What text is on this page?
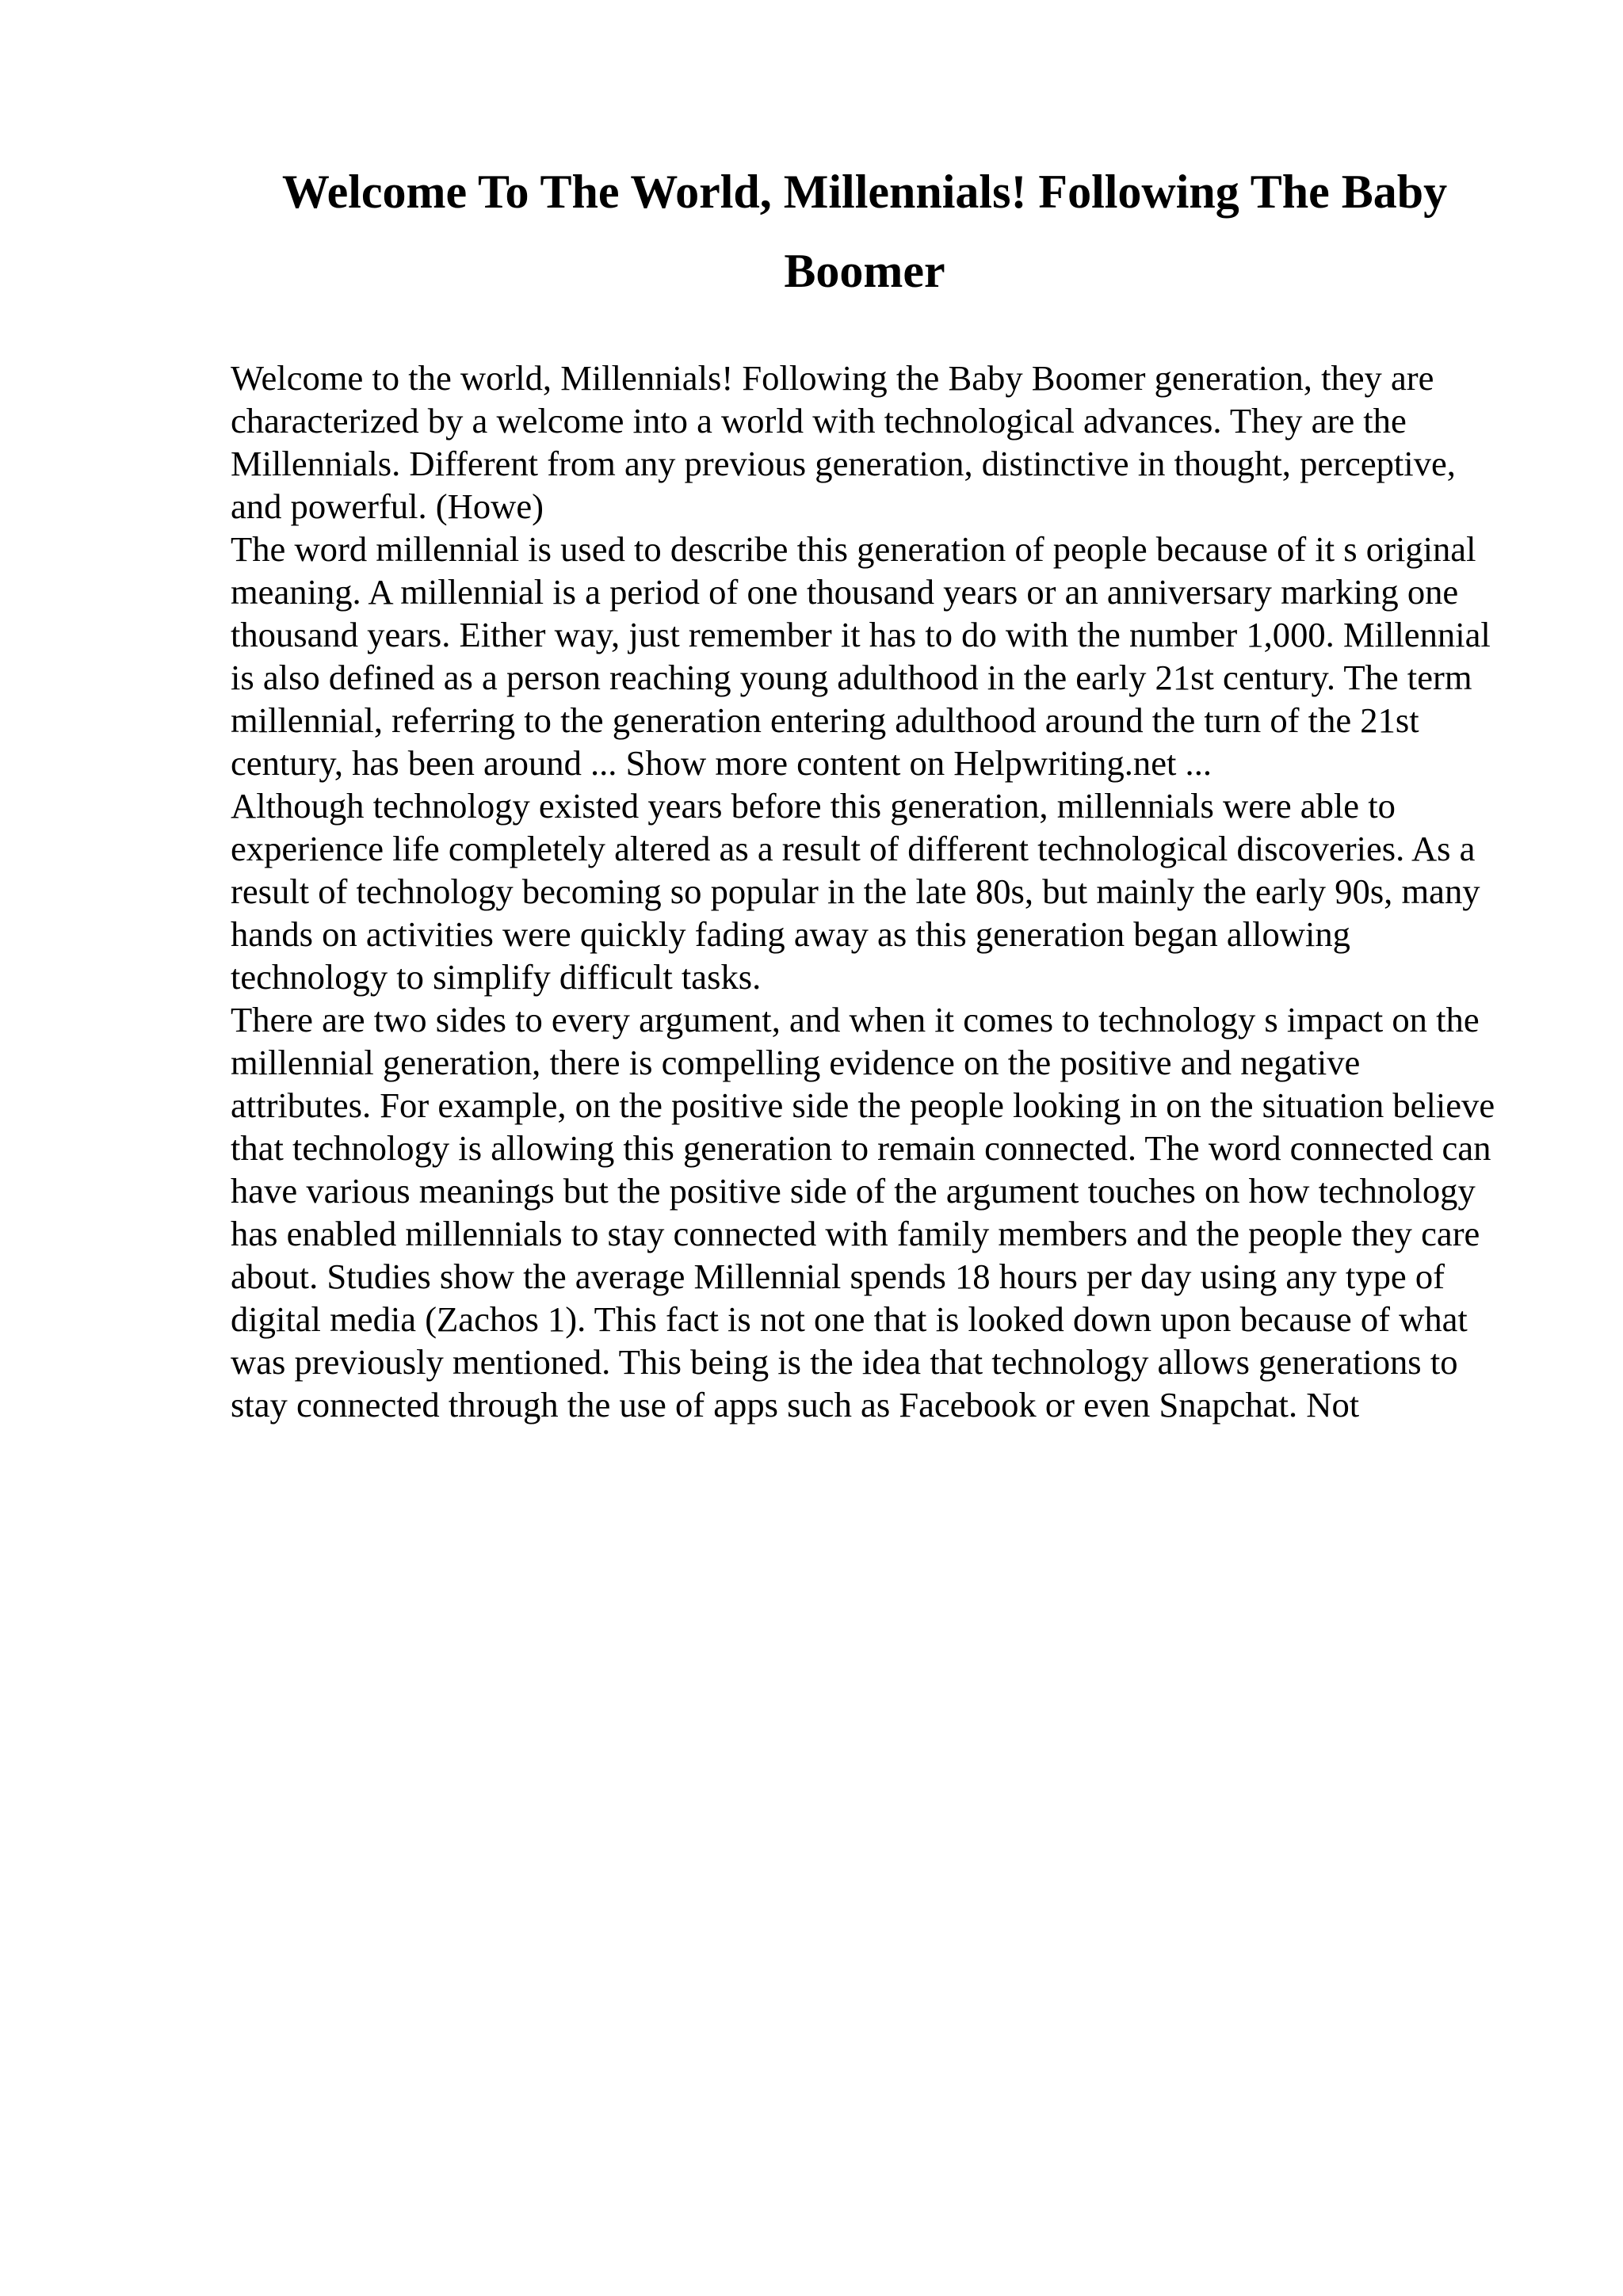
Welcome To The World, Millennials! Following The Baby Boomer

Welcome to the world, Millennials! Following the Baby Boomer generation, they are characterized by a welcome into a world with technological advances. They are the Millennials. Different from any previous generation, distinctive in thought, perceptive, and powerful. (Howe)

The word millennial is used to describe this generation of people because of it s original meaning. A millennial is a period of one thousand years or an anniversary marking one thousand years. Either way, just remember it has to do with the number 1,000. Millennial is also defined as a person reaching young adulthood in the early 21st century. The term millennial, referring to the generation entering adulthood around the turn of the 21st century, has been around ... Show more content on Helpwriting.net ...

Although technology existed years before this generation, millennials were able to experience life completely altered as a result of different technological discoveries. As a result of technology becoming so popular in the late 80s, but mainly the early 90s, many hands on activities were quickly fading away as this generation began allowing technology to simplify difficult tasks.

There are two sides to every argument, and when it comes to technology s impact on the millennial generation, there is compelling evidence on the positive and negative attributes. For example, on the positive side the people looking in on the situation believe that technology is allowing this generation to remain connected. The word connected can have various meanings but the positive side of the argument touches on how technology has enabled millennials to stay connected with family members and the people they care about. Studies show the average Millennial spends 18 hours per day using any type of digital media (Zachos 1). This fact is not one that is looked down upon because of what was previously mentioned. This being is the idea that technology allows generations to stay connected through the use of apps such as Facebook or even Snapchat. Not
